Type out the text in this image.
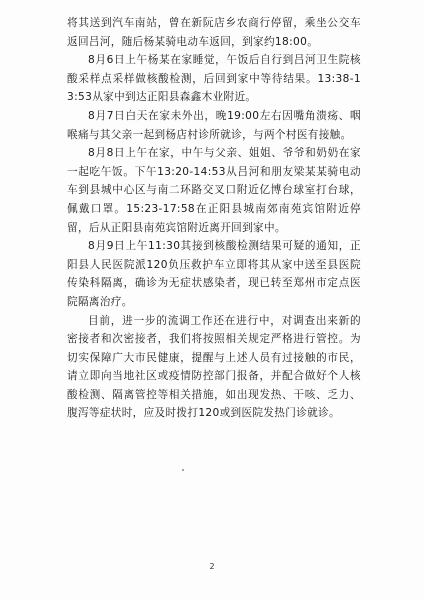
将其送到汽车南站，曾在新阮店乡农商行停留，乘坐公交车返回吕河，随后杨某骑电动车返回，到家约18:00。

8月6日上午杨某在家睡觉，午饭后自行到吕河卫生院核酸采样点采样做核酸检测，后回到家中等待结果。13:38-13:53从家中到达正阳县森鑫木业附近。

8月7日白天在家未外出，晚19:00左右因嘴角溃疡、咽喉痛与其父亲一起到杨店村诊所就诊，与两个村医有接触。

8月8日上午在家，中午与父亲、姐姐、爷爷和奶奶在家一起吃午饭。下午13:20-14:53从吕河和朋友梁某某骑电动车到县城中心区与南二环路交叉口附近亿博台球室打台球，佩戴口罩。15:23-17:58在正阳县城南郊南苑宾馆附近停留，后从正阳县南苑宾馆附近离开回到家中。

8月9日上午11:30其接到核酸检测结果可疑的通知，正阳县人民医院派120负压救护车立即将其从家中送至县医院传染科隔离，确诊为无症状感染者，现已转至郑州市定点医院隔离治疗。

目前，进一步的流调工作还在进行中，对调查出来新的密接者和次密接者，我们将按照相关规定严格进行管控。为切实保障广大市民健康，提醒与上述人员有过接触的市民，请立即向当地社区或疫情防控部门报备，并配合做好个人核酸检测、隔离管控等相关措施，如出现发热、干咳、乏力、腹泻等症状时，应及时拨打120或到医院发热门诊就诊。

2
